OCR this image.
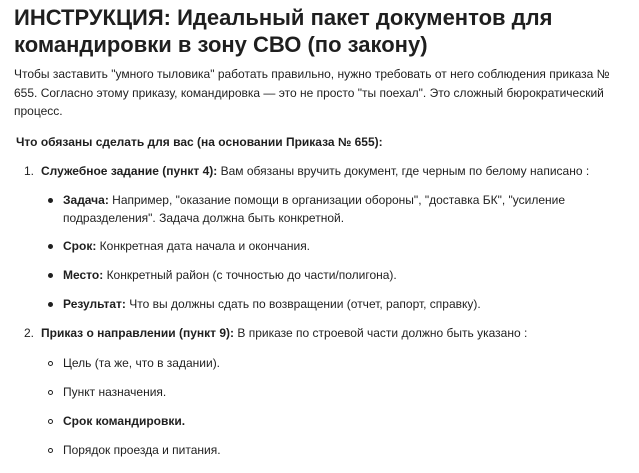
ИНСТРУКЦИЯ: Идеальный пакет документов для командировки в зону СВО (по закону)

Чтобы заставить "умного тыловика" работать правильно, нужно требовать от него соблюдения приказа № 655. Согласно этому приказу, командировка — это не просто "ты поехал". Это сложный бюрократический процесс.

Что обязаны сделать для вас (на основании Приказа № 655):

1. Служебное задание (пункт 4): Вам обязаны вручить документ, где черным по белому написано :
Задача: Например, "оказание помощи в организации обороны", "доставка БК", "усиление подразделения". Задача должна быть конкретной.
Срок: Конкретная дата начала и окончания.
Место: Конкретный район (с точностью до части/полигона).
Результат: Что вы должны сдать по возвращении (отчет, рапорт, справку).
2. Приказ о направлении (пункт 9): В приказе по строевой части должно быть указано :
Цель (та же, что в задании).
Пункт назначения.
Срок командировки.
Порядок проезда и питания.
